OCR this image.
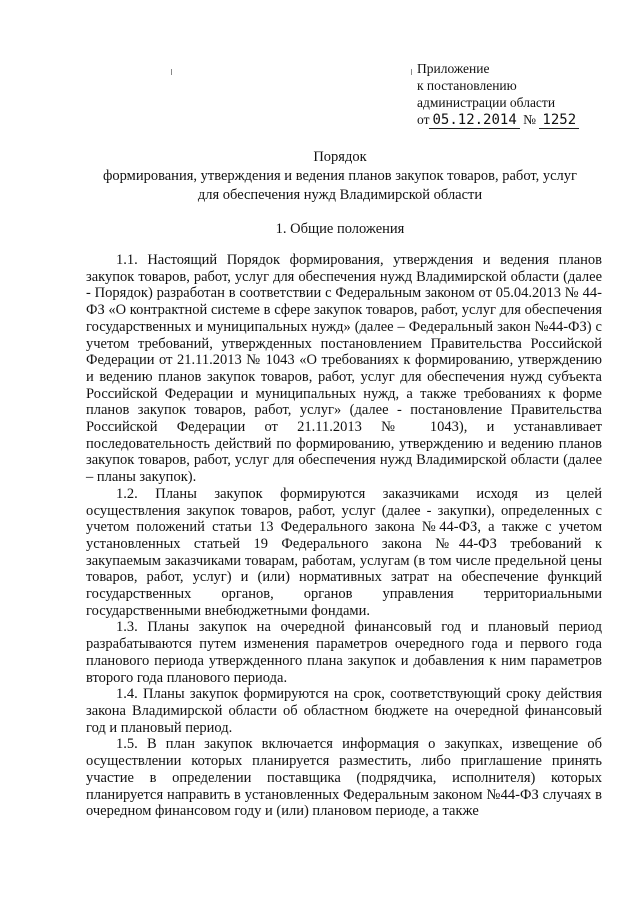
Приложение
к постановлению
администрации области
от 05.12.2014 № 1252
Порядок
формирования, утверждения и ведения планов закупок товаров, работ, услуг
для обеспечения нужд Владимирской области
1. Общие положения

1.1. Настоящий Порядок формирования, утверждения и ведения планов закупок товаров, работ, услуг для обеспечения нужд Владимирской области (далее - Порядок) разработан в соответствии с Федеральным законом от 05.04.2013 № 44-ФЗ «О контрактной системе в сфере закупок товаров, работ, услуг для обеспечения государственных и муниципальных нужд» (далее – Федеральный закон №44-ФЗ) с учетом требований, утвержденных постановлением Правительства Российской Федерации от 21.11.2013 № 1043 «О требованиях к формированию, утверждению и ведению планов закупок товаров, работ, услуг для обеспечения нужд субъекта Российской Федерации и муниципальных нужд, а также требованиях к форме планов закупок товаров, работ, услуг» (далее - постановление Правительства Российской Федерации от 21.11.2013 № 1043), и устанавливает последовательность действий по формированию, утверждению и ведению планов закупок товаров, работ, услуг для обеспечения нужд Владимирской области (далее – планы закупок).

1.2. Планы закупок формируются заказчиками исходя из целей осуществления закупок товаров, работ, услуг (далее - закупки), определенных с учетом положений статьи 13 Федерального закона №44-ФЗ, а также с учетом установленных статьей 19 Федерального закона №44-ФЗ требований к закупаемым заказчиками товарам, работам, услугам (в том числе предельной цены товаров, работ, услуг) и (или) нормативных затрат на обеспечение функций государственных органов, органов управления территориальными государственными внебюджетными фондами.

1.3. Планы закупок на очередной финансовый год и плановый период разрабатываются путем изменения параметров очередного года и первого года планового периода утвержденного плана закупок и добавления к ним параметров второго года планового периода.

1.4. Планы закупок формируются на срок, соответствующий сроку действия закона Владимирской области об областном бюджете на очередной финансовый год и плановый период.

1.5. В план закупок включается информация о закупках, извещение об осуществлении которых планируется разместить, либо приглашение принять участие в определении поставщика (подрядчика, исполнителя) которых планируется направить в установленных Федеральным законом №44-ФЗ случаях в очередном финансовом году и (или) плановом периоде, а также
